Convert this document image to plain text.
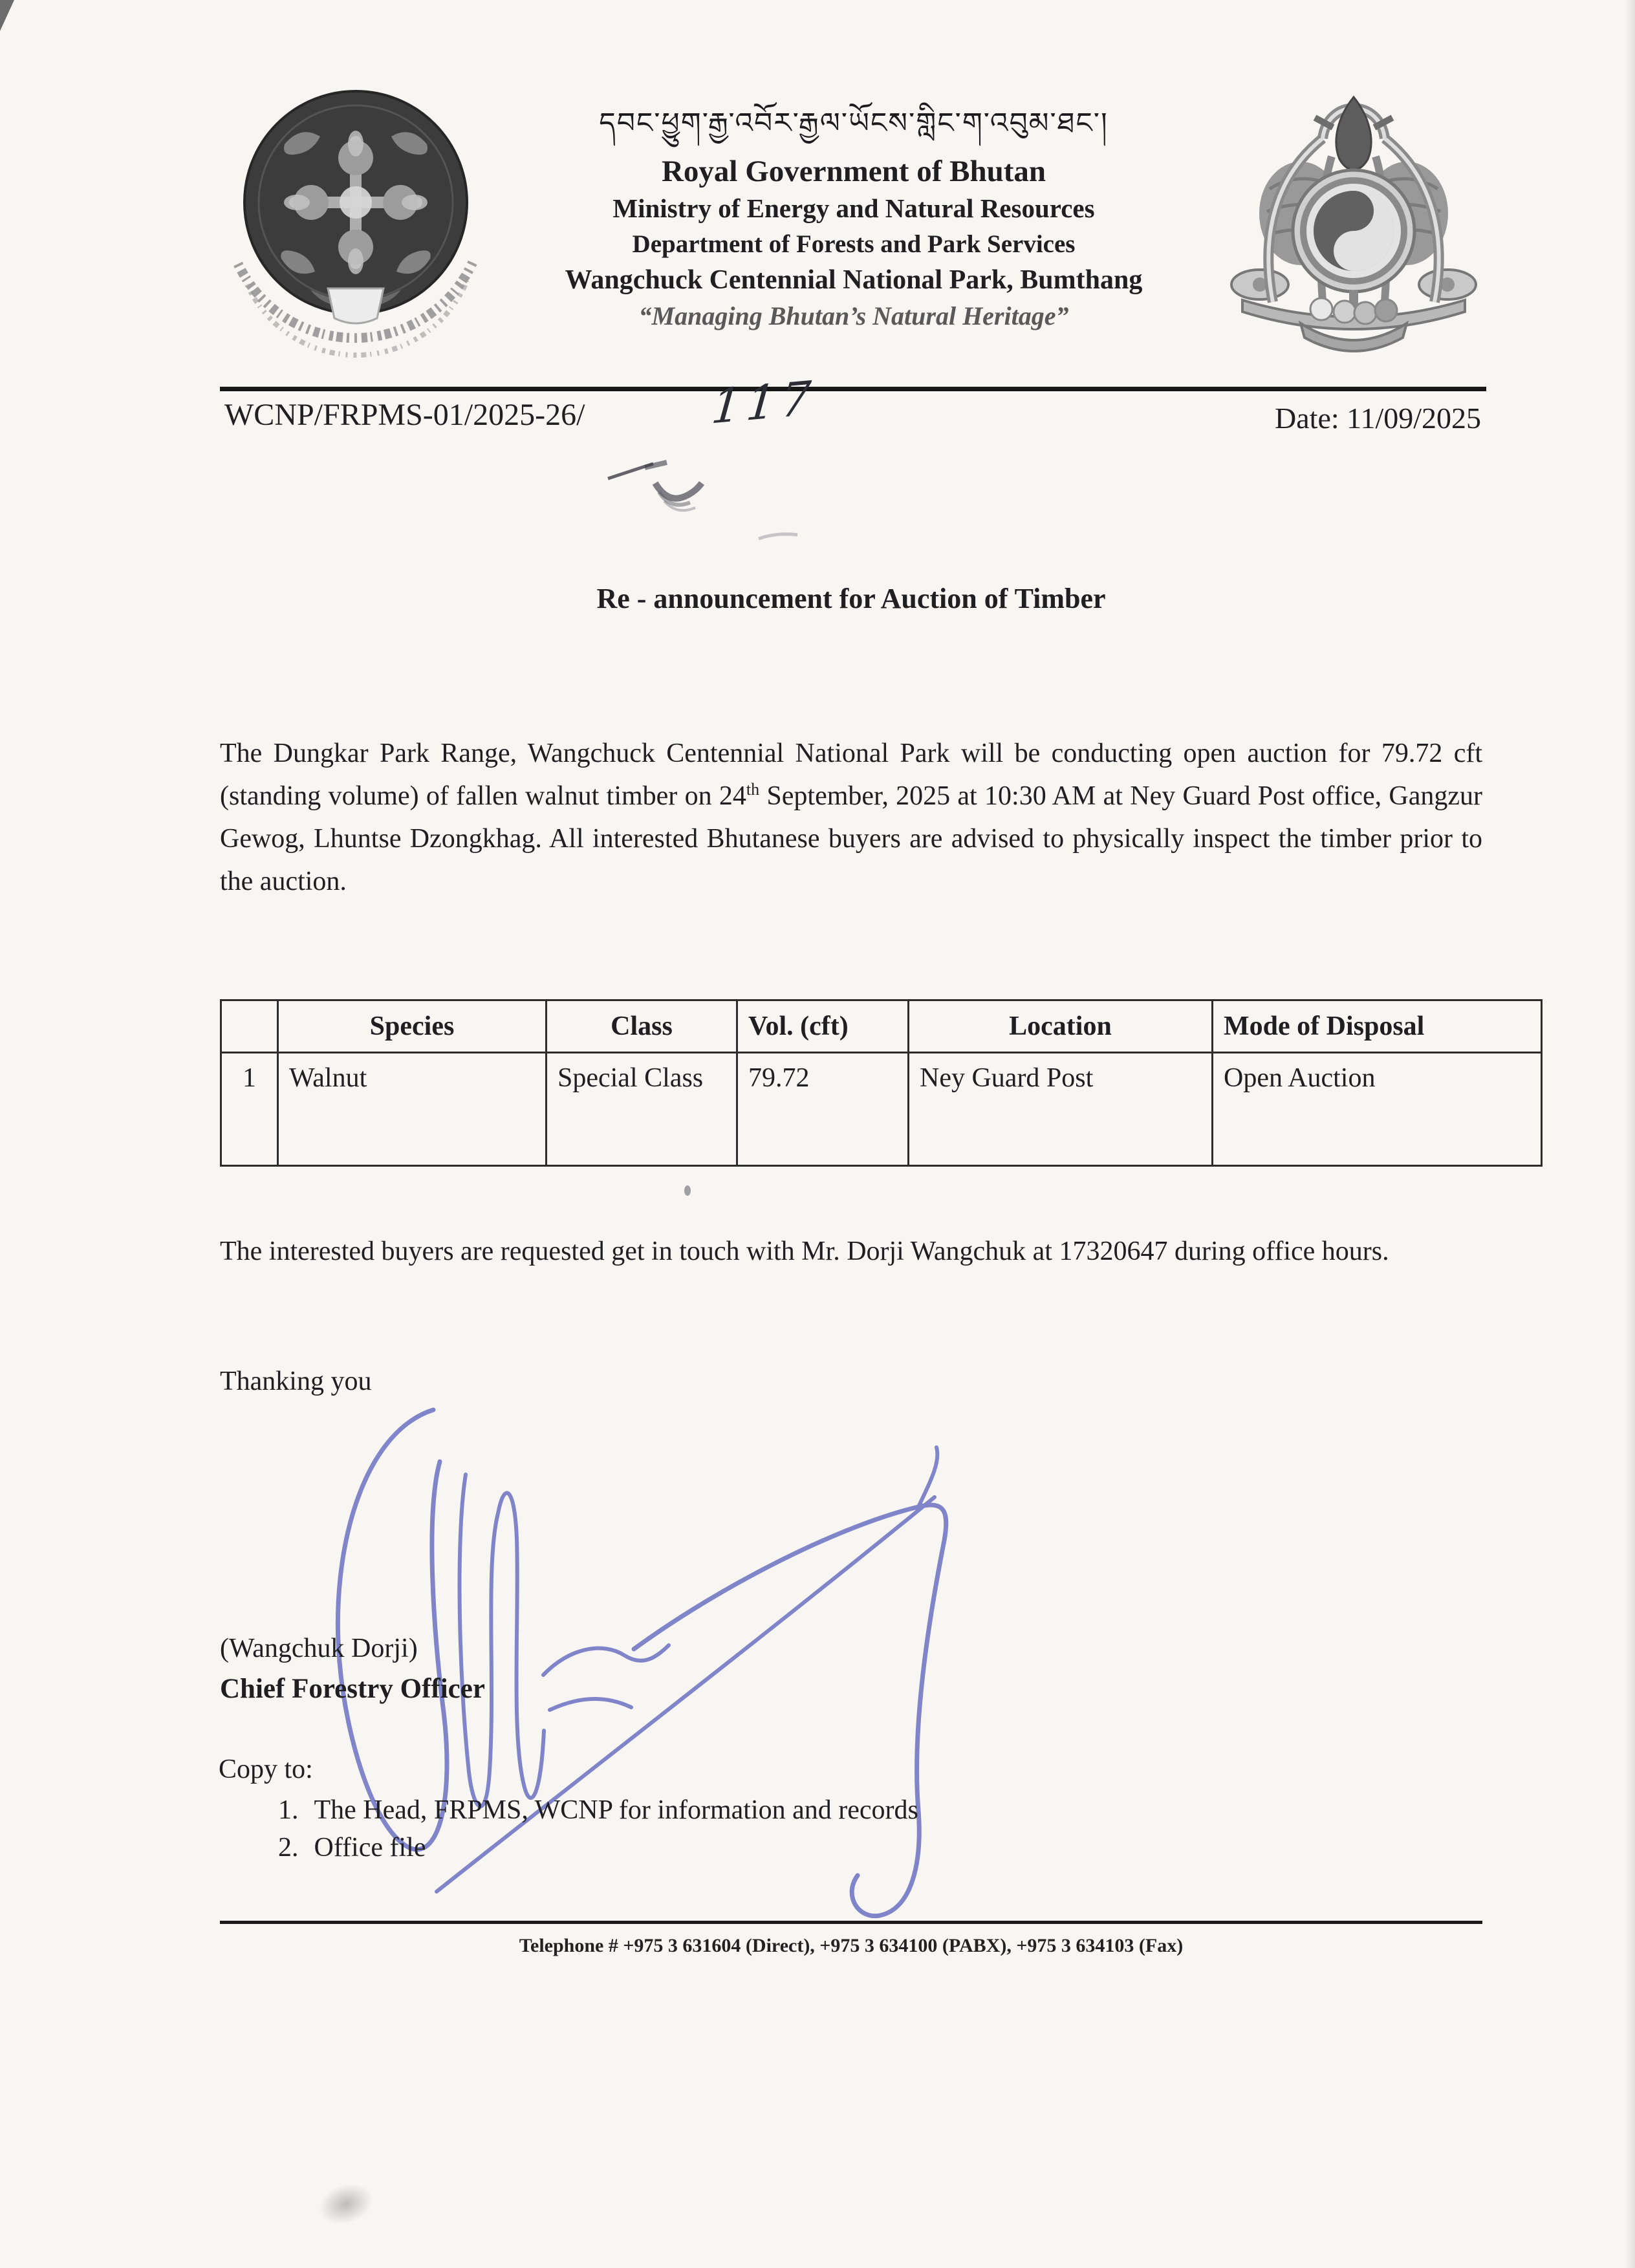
དབང་ཕྱུག་རྒྱ་འབོར་རྒྱལ་ཡོངས་གླིང་ག་འབུམ་ཐང་།
Royal Government of Bhutan
Ministry of Energy and Natural Resources
Department of Forests and Park Services
Wangchuck Centennial National Park, Bumthang
“Managing Bhutan’s Natural Heritage”
WCNP/FRPMS-01/2025-26/	117	Date: 11/09/2025
Re - announcement for Auction of Timber

The Dungkar Park Range, Wangchuck Centennial National Park will be conducting open auction for 79.72 cft (standing volume) of fallen walnut timber on 24th September, 2025 at 10:30 AM at Ney Guard Post office, Gangzur Gewog, Lhuntse Dzongkhag. All interested Bhutanese buyers are advised to physically inspect the timber prior to the auction.

	Species	Class	Vol. (cft)	Location	Mode of Disposal
1	Walnut	Special Class	79.72	Ney Guard Post	Open Auction

The interested buyers are requested get in touch with Mr. Dorji Wangchuk at 17320647 during office hours.

Thanking you
(Wangchuk Dorji)
Chief Forestry Officer
Copy to:
1. The Head, FRPMS, WCNP for information and records
2. Office file
Telephone # +975 3 631604 (Direct), +975 3 634100 (PABX), +975 3 634103 (Fax)
